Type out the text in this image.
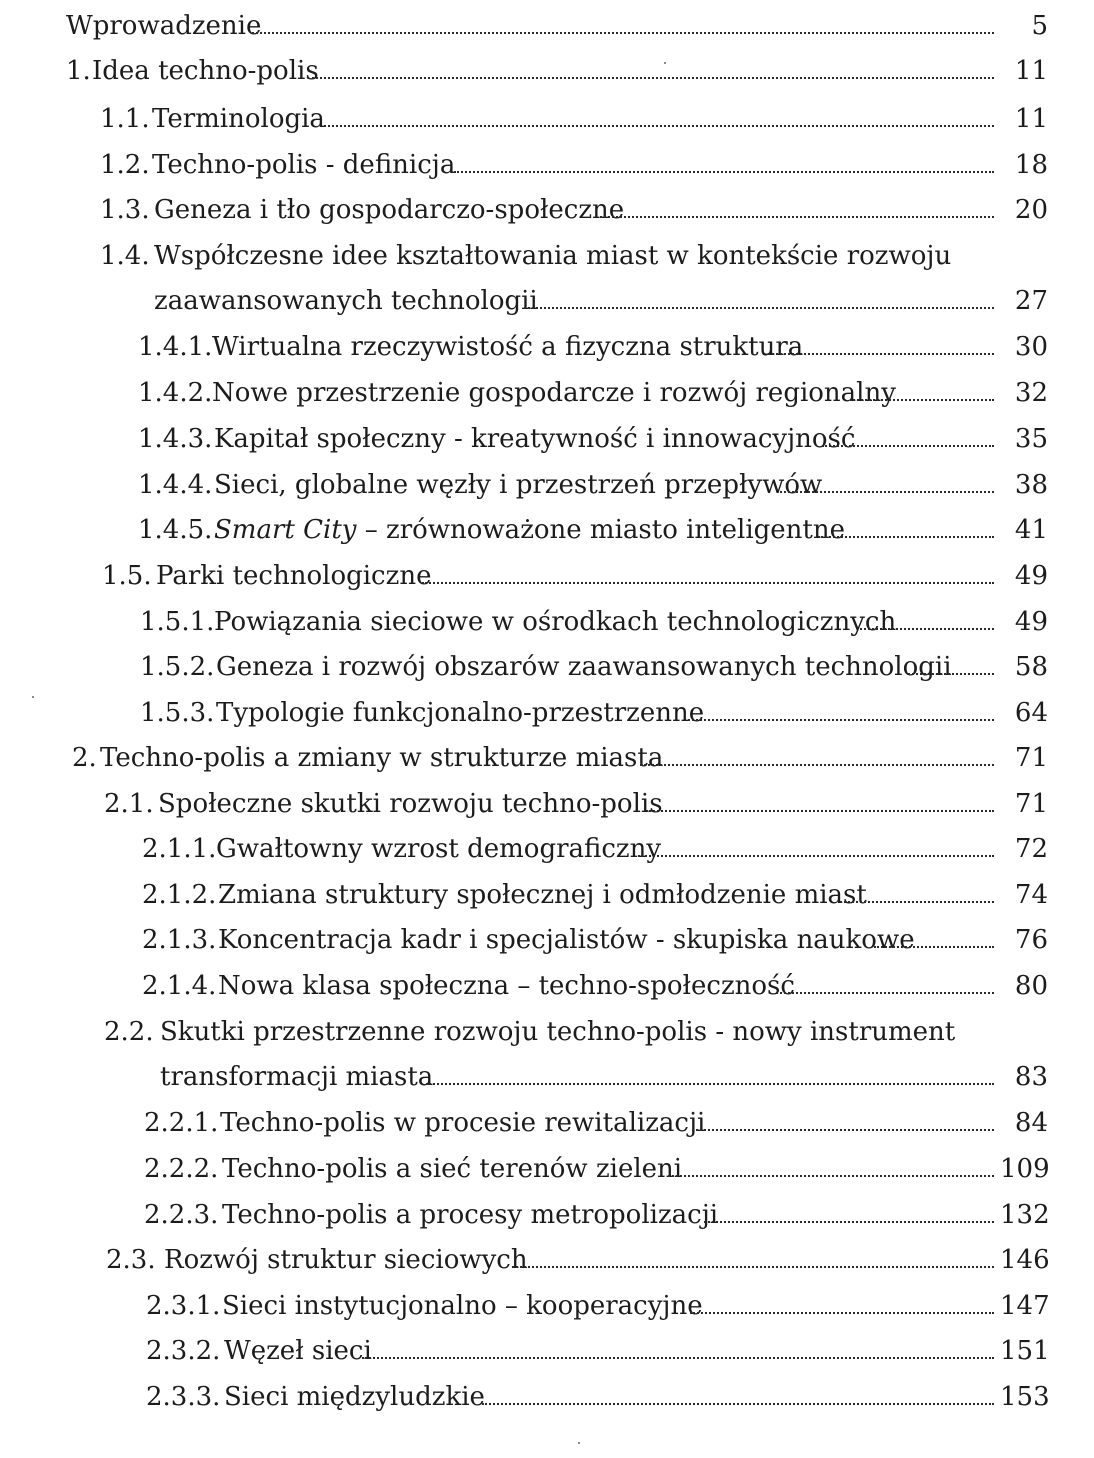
Wprowadzenie	5
1. Idea techno-polis	11
1.1. Terminologia	11
1.2. Techno-polis - definicja	18
1.3. Geneza i tło gospodarczo-społeczne	20
1.4. Współczesne idee kształtowania miast w kontekście rozwoju
zaawansowanych technologii	27
1.4.1. Wirtualna rzeczywistość a fizyczna struktura	30
1.4.2. Nowe przestrzenie gospodarcze i rozwój regionalny	32
1.4.3. Kapitał społeczny - kreatywność i innowacyjność	35
1.4.4. Sieci, globalne węzły i przestrzeń przepływów	38
1.4.5. Smart City – zrównoważone miasto inteligentne	41
1.5. Parki technologiczne	49
1.5.1. Powiązania sieciowe w ośrodkach technologicznych	49
1.5.2. Geneza i rozwój obszarów zaawansowanych technologii	58
1.5.3. Typologie funkcjonalno-przestrzenne	64
2. Techno-polis a zmiany w strukturze miasta	71
2.1. Społeczne skutki rozwoju techno-polis	71
2.1.1. Gwałtowny wzrost demograficzny	72
2.1.2. Zmiana struktury społecznej i odmłodzenie miast	74
2.1.3. Koncentracja kadr i specjalistów - skupiska naukowe	76
2.1.4. Nowa klasa społeczna – techno-społeczność	80
2.2. Skutki przestrzenne rozwoju techno-polis - nowy instrument
transformacji miasta	83
2.2.1. Techno-polis w procesie rewitalizacji	84
2.2.2. Techno-polis a sieć terenów zieleni	109
2.2.3. Techno-polis a procesy metropolizacji	132
2.3. Rozwój struktur sieciowych	146
2.3.1. Sieci instytucjonalno – kooperacyjne	147
2.3.2. Węzeł sieci	151
2.3.3. Sieci międzyludzkie	153
